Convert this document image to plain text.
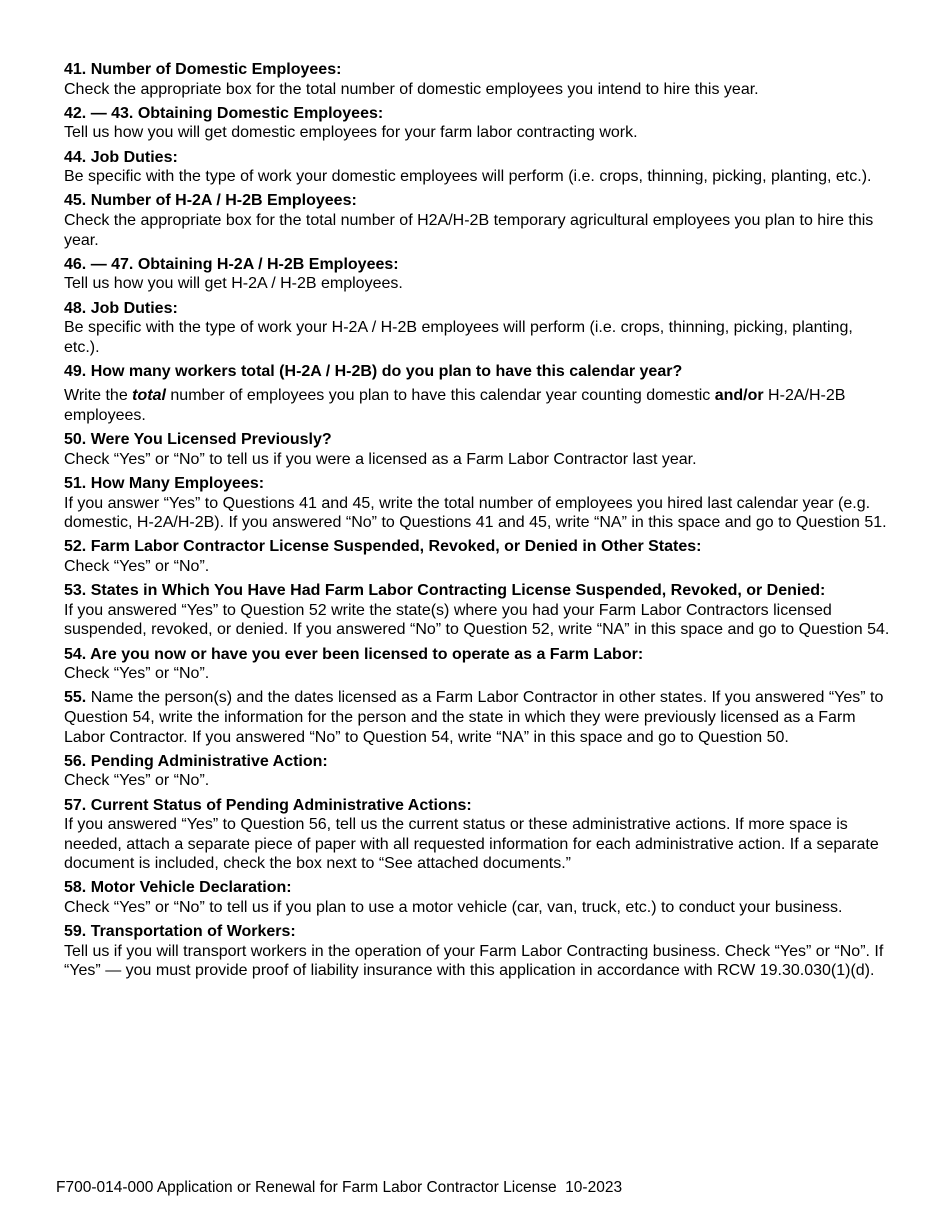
41. Number of Domestic Employees:

Check the appropriate box for the total number of domestic employees you intend to hire this year.

42. — 43. Obtaining Domestic Employees:

Tell us how you will get domestic employees for your farm labor contracting work.

44. Job Duties:

Be specific with the type of work your domestic employees will perform (i.e. crops, thinning, picking, planting, etc.).

45. Number of H-2A / H-2B Employees:

Check the appropriate box for the total number of H2A/H-2B temporary agricultural employees you plan to hire this year.

46. — 47. Obtaining H-2A / H-2B Employees:

Tell us how you will get H-2A / H-2B employees.

48. Job Duties:

Be specific with the type of work your H-2A / H-2B employees will perform (i.e. crops, thinning, picking, planting, etc.).

49. How many workers total (H-2A / H-2B) do you plan to have this calendar year?

Write the total number of employees you plan to have this calendar year counting domestic and/or H-2A/H-2B employees.

50. Were You Licensed Previously?

Check “Yes” or “No” to tell us if you were a licensed as a Farm Labor Contractor last year.

51. How Many Employees:

If you answer “Yes” to Questions 41 and 45, write the total number of employees you hired last calendar year (e.g. domestic, H-2A/H-2B). If you answered “No” to Questions 41 and 45, write “NA” in this space and go to Question 51.

52. Farm Labor Contractor License Suspended, Revoked, or Denied in Other States:

Check “Yes” or “No”.

53. States in Which You Have Had Farm Labor Contracting License Suspended, Revoked, or Denied:

If you answered “Yes” to Question 52 write the state(s) where you had your Farm Labor Contractors licensed suspended, revoked, or denied. If you answered “No” to Question 52, write “NA” in this space and go to Question 54.

54. Are you now or have you ever been licensed to operate as a Farm Labor:

Check “Yes” or “No”.

55. Name the person(s) and the dates licensed as a Farm Labor Contractor in other states. If you answered “Yes” to Question 54, write the information for the person and the state in which they were previously licensed as a Farm Labor Contractor. If you answered “No” to Question 54, write “NA” in this space and go to Question 50.

56. Pending Administrative Action:

Check “Yes” or “No”.

57. Current Status of Pending Administrative Actions:

If you answered “Yes” to Question 56, tell us the current status or these administrative actions. If more space is needed, attach a separate piece of paper with all requested information for each administrative action. If a separate document is included, check the box next to “See attached documents.”

58. Motor Vehicle Declaration:

Check “Yes” or “No” to tell us if you plan to use a motor vehicle (car, van, truck, etc.) to conduct your business.

59. Transportation of Workers:

Tell us if you will transport workers in the operation of your Farm Labor Contracting business. Check “Yes” or “No”. If “Yes” — you must provide proof of liability insurance with this application in accordance with RCW 19.30.030(1)(d).

F700-014-000 Application or Renewal for Farm Labor Contractor License  10-2023
